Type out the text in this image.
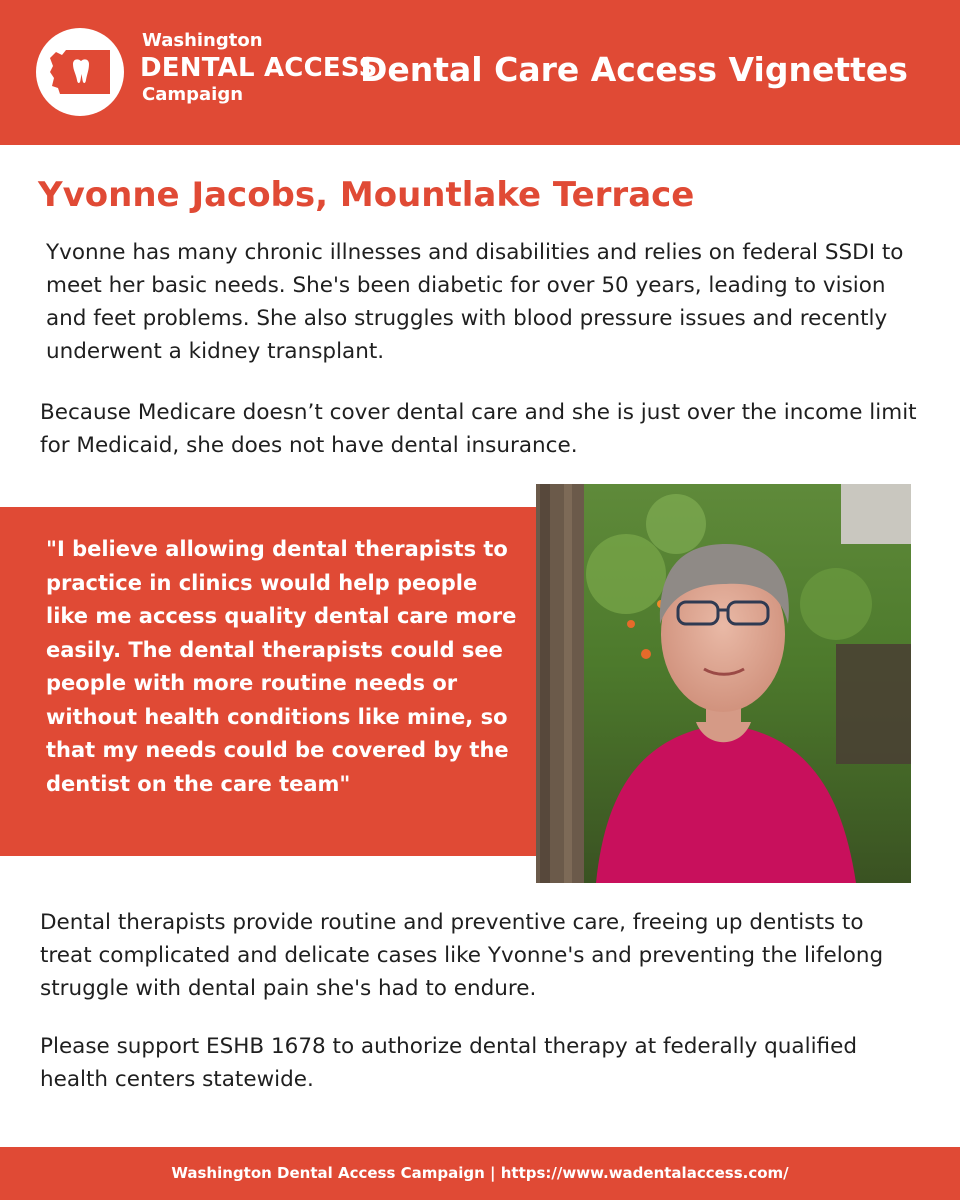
Washington
DENTAL ACCESS
Campaign
Dental Care Access Vignettes
Yvonne Jacobs, Mountlake Terrace

Yvonne has many chronic illnesses and disabilities and relies on federal SSDI to meet her basic needs. She's been diabetic for over 50 years, leading to vision and feet problems. She also struggles with blood pressure issues and recently underwent a kidney transplant.

Because Medicare doesn’t cover dental care and she is just over the income limit for Medicaid, she does not have dental insurance.

"I believe allowing dental therapists to practice in clinics would help people like me access quality dental care more easily. The dental therapists could see people with more routine needs or without health conditions like mine, so that my needs could be covered by the dentist on the care team"

Dental therapists provide routine and preventive care, freeing up dentists to treat complicated and delicate cases like Yvonne's and preventing the lifelong struggle with dental pain she's had to endure.

Please support ESHB 1678 to authorize dental therapy at federally qualified health centers statewide.

Washington Dental Access Campaign | https://www.wadentalaccess.com/
